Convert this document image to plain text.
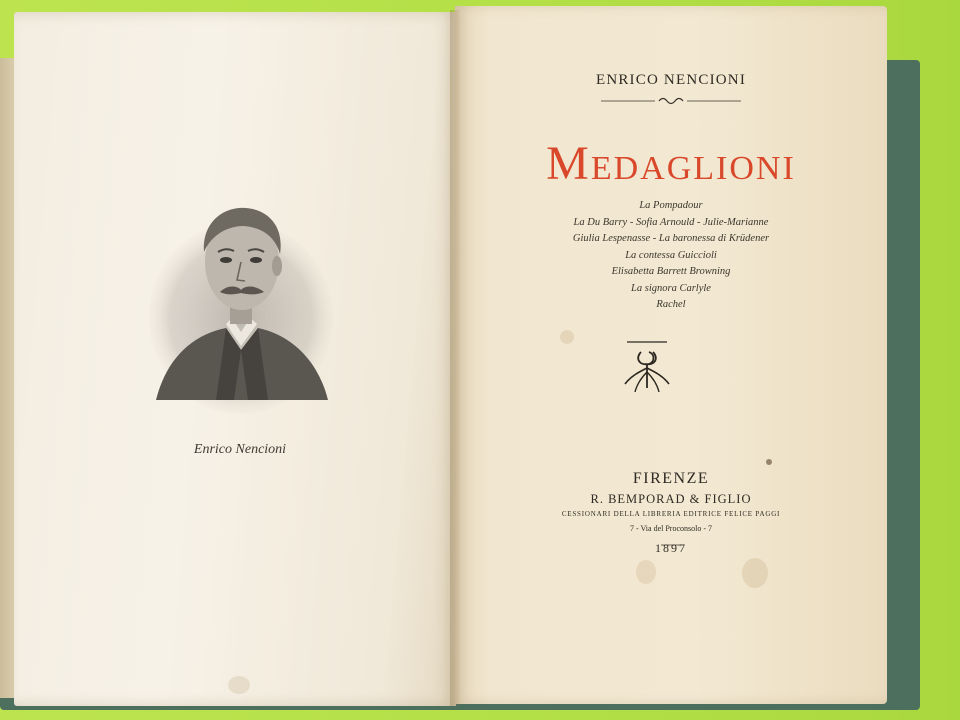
Enrico Nencioni
ENRICO NENCIONI
Medaglioni
La Pompadour
La Du Barry - Sofia Arnould - Julie-Marianne
Giulia Lespenasse - La baronessa di Krüdener
La contessa Guiccioli
Elisabetta Barrett Browning
La signora Carlyle
Rachel
FIRENZE
R. BEMPORAD & FIGLIO
CESSIONARI DELLA LIBRERIA EDITRICE FELICE PAGGI
7 - Via del Proconsolo - 7
1897
